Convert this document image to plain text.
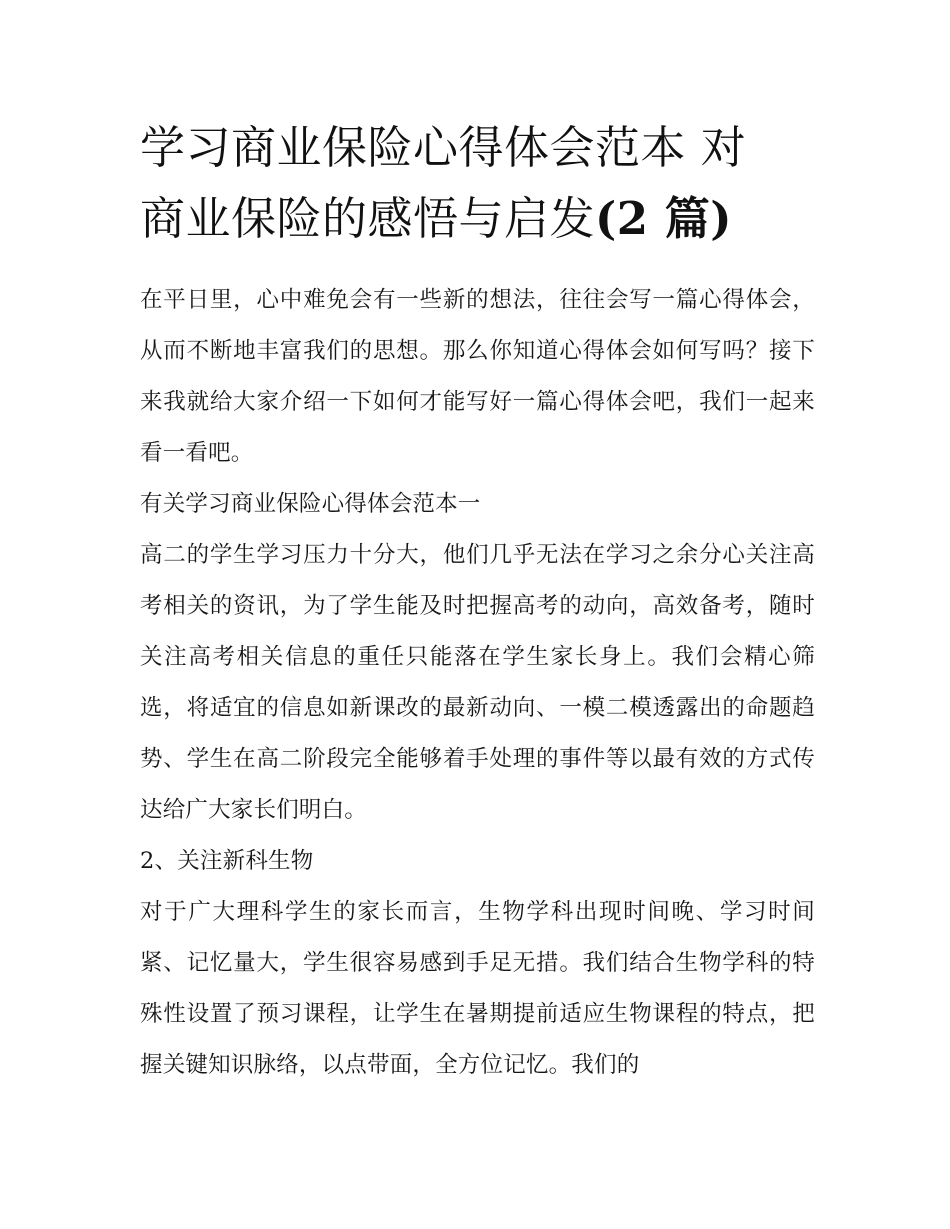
学习商业保险心得体会范本 对
商业保险的感悟与启发(2 篇)

在平日里，心中难免会有一些新的想法，往往会写一篇心得体会，从而不断地丰富我们的思想。那么你知道心得体会如何写吗？接下来我就给大家介绍一下如何才能写好一篇心得体会吧，我们一起来看一看吧。

有关学习商业保险心得体会范本一

高二的学生学习压力十分大，他们几乎无法在学习之余分心关注高考相关的资讯，为了学生能及时把握高考的动向，高效备考，随时关注高考相关信息的重任只能落在学生家长身上。我们会精心筛选，将适宜的信息如新课改的最新动向、一模二模透露出的命题趋势、学生在高二阶段完全能够着手处理的事件等以最有效的方式传达给广大家长们明白。

2、关注新科生物

对于广大理科学生的家长而言，生物学科出现时间晚、学习时间紧、记忆量大，学生很容易感到手足无措。我们结合生物学科的特殊性设置了预习课程，让学生在暑期提前适应生物课程的特点，把握关键知识脉络，以点带面，全方位记忆。我们的
